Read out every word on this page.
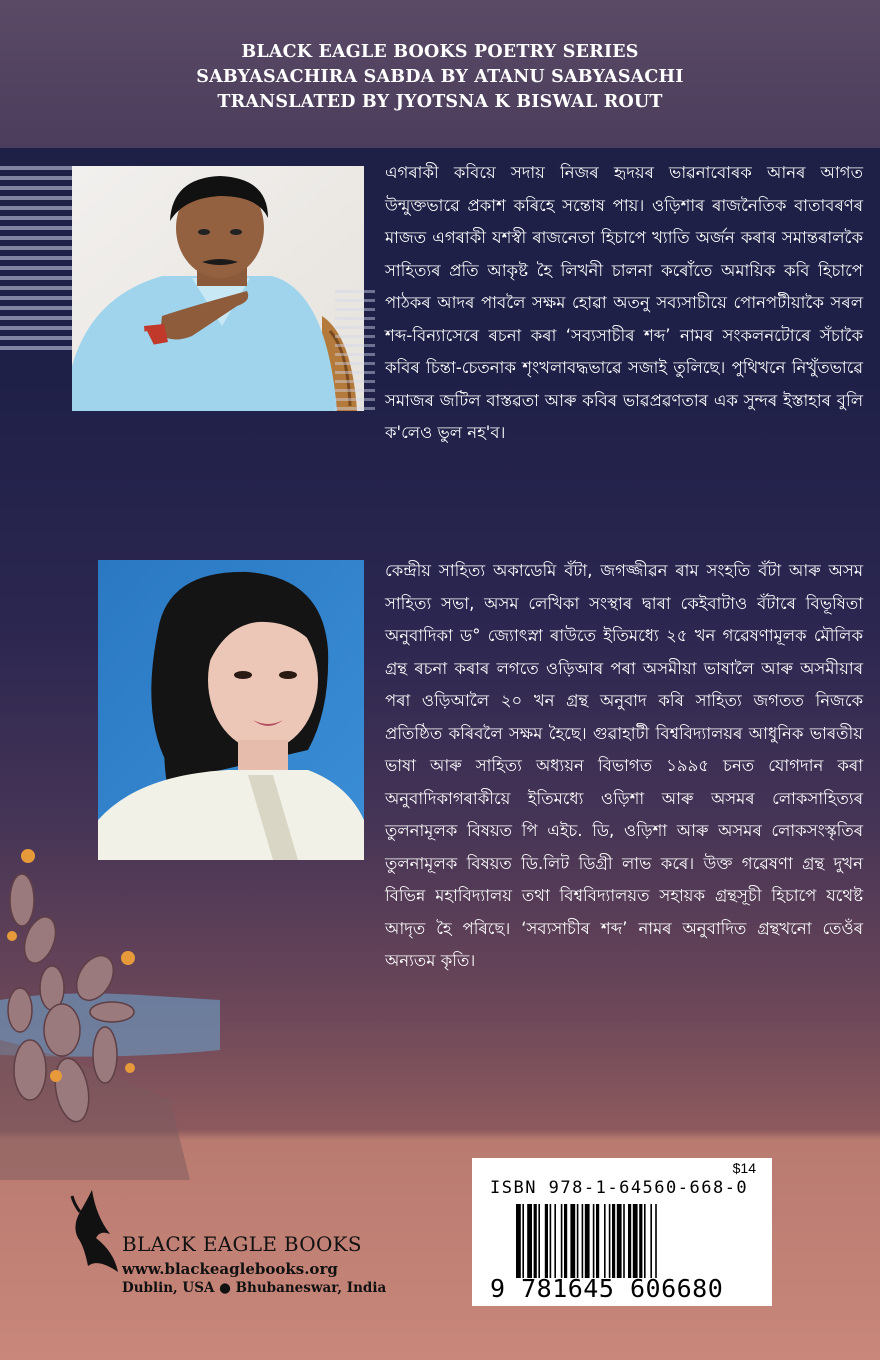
BLACK EAGLE BOOKS POETRY SERIES
SABYASACHIRA SABDA BY ATANU SABYASACHI
TRANSLATED BY JYOTSNA K BISWAL ROUT

এগৰাকী কবিয়ে সদায় নিজৰ হৃদয়ৰ ভাৱনাবোৰক আনৰ আগত উন্মুক্তভাৱে প্ৰকাশ কৰিহে সন্তোষ পায়। ওড়িশাৰ ৰাজনৈতিক বাতাবৰণৰ মাজত এগৰাকী যশস্বী ৰাজনেতা হিচাপে খ্যাতি অৰ্জন কৰাৰ সমান্তৰালকৈ সাহিত্যৰ প্ৰতি আকৃষ্ট হৈ লিখনী চালনা কৰোঁতে অমায়িক কবি হিচাপে পাঠকৰ আদৰ পাবলৈ সক্ষম হোৱা অতনু সব্যসাচীয়ে পোনপটীয়াকৈ সৰল শব্দ-বিন্যাসেৰে ৰচনা কৰা ‘সব্যসাচীৰ শব্দ’ নামৰ সংকলনটোৰে সঁচাকৈ কবিৰ চিন্তা-চেতনাক শৃংখলাবদ্ধভাৱে সজাই তুলিছে। পুথিখনে নিখুঁতভাৱে সমাজৰ জটিল বাস্তৱতা আৰু কবিৰ ভাৱপ্ৰৱণতাৰ এক সুন্দৰ ইস্তাহাৰ বুলি ক'লেও ভুল নহ'ব।

কেন্দ্ৰীয় সাহিত্য অকাডেমি বঁটা, জগজ্জীৱন ৰাম সংহতি বঁটা আৰু অসম সাহিত্য সভা, অসম লেখিকা সংস্থাৰ দ্বাৰা কেইবাটাও বঁটাৰে বিভূষিতা অনুবাদিকা ড° জ্যোৎস্না ৰাউতে ইতিমধ্যে ২৫ খন গৱেষণামূলক মৌলিক গ্ৰন্থ ৰচনা কৰাৰ লগতে ওড়িআৰ পৰা অসমীয়া ভাষালৈ আৰু অসমীয়াৰ পৰা ওড়িআলৈ ২০ খন গ্ৰন্থ অনুবাদ কৰি সাহিত্য জগতত নিজকে প্ৰতিষ্ঠিত কৰিবলৈ সক্ষম হৈছে। গুৱাহাটী বিশ্ববিদ্যালয়ৰ আধুনিক ভাৰতীয় ভাষা আৰু সাহিত্য অধ্যয়ন বিভাগত ১৯৯৫ চনত যোগদান কৰা অনুবাদিকাগৰাকীয়ে ইতিমধ্যে ওড়িশা আৰু অসমৰ লোকসাহিত্যৰ তুলনামূলক বিষয়ত পি এইচ. ডি, ওড়িশা আৰু অসমৰ লোকসংস্কৃতিৰ তুলনামূলক বিষয়ত ডি.লিট ডিগ্ৰী লাভ কৰে। উক্ত গৱেষণা গ্ৰন্থ দুখন বিভিন্ন মহাবিদ্যালয় তথা বিশ্ববিদ্যালয়ত সহায়ক গ্ৰন্থসূচী হিচাপে যথেষ্ট আদৃত হৈ পৰিছে। ‘সব্যসাচীৰ শব্দ’ নামৰ অনুবাদিত গ্ৰন্থখনো তেওঁৰ অন্যতম কৃতি।

BLACK EAGLE BOOKS
www.blackeaglebooks.org
Dublin, USA ● Bhubaneswar, India
$14
ISBN 978-1-64560-668-0
9 781645 606680
